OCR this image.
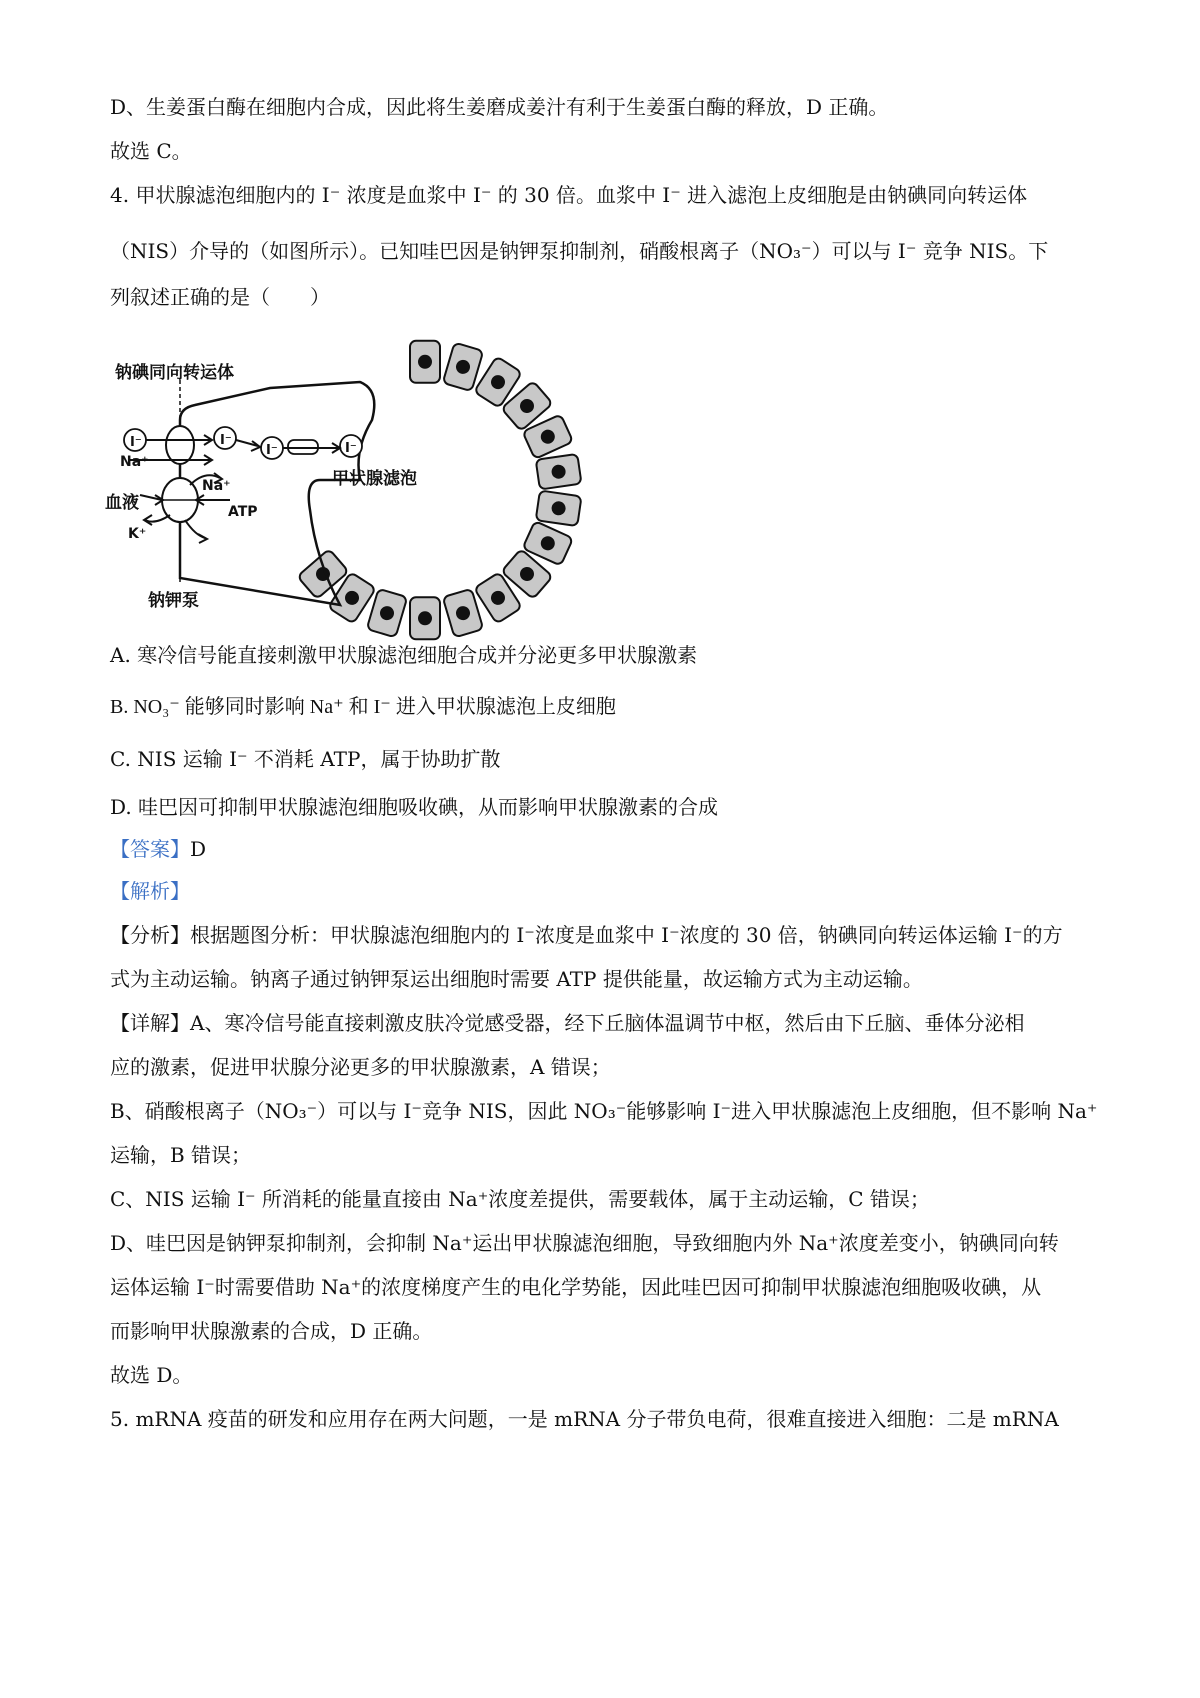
D、生姜蛋白酶在细胞内合成，因此将生姜磨成姜汁有利于生姜蛋白酶的释放，D 正确。
故选 C。
4. 甲状腺滤泡细胞内的 I⁻ 浓度是血浆中 I⁻ 的 30 倍。血浆中 I⁻ 进入滤泡上皮细胞是由钠碘同向转运体
（NIS）介导的（如图所示）。已知哇巴因是钠钾泵抑制剂，硝酸根离子（NO₃⁻）可以与 I⁻ 竞争 NIS。下
列叙述正确的是（　　）
钠碘同向转运体
I⁻	I⁻
I⁻	I⁻
Na⁺
血液
Na⁺
ATP
K⁺
钠钾泵
甲状腺滤泡
A. 寒冷信号能直接刺激甲状腺滤泡细胞合成并分泌更多甲状腺激素
B. NO₃⁻ 能够同时影响 Na⁺ 和 I⁻ 进入甲状腺滤泡上皮细胞
C. NIS 运输 I⁻ 不消耗 ATP，属于协助扩散
D. 哇巴因可抑制甲状腺滤泡细胞吸收碘，从而影响甲状腺激素的合成
【答案】D
【解析】
【分析】根据题图分析：甲状腺滤泡细胞内的 I⁻浓度是血浆中 I⁻浓度的 30 倍，钠碘同向转运体运输 I⁻的方
式为主动运输。钠离子通过钠钾泵运出细胞时需要 ATP 提供能量，故运输方式为主动运输。
【详解】A、寒冷信号能直接刺激皮肤冷觉感受器，经下丘脑体温调节中枢，然后由下丘脑、垂体分泌相
应的激素，促进甲状腺分泌更多的甲状腺激素，A 错误；
B、硝酸根离子（NO₃⁻）可以与 I⁻竞争 NIS，因此 NO₃⁻能够影响 I⁻进入甲状腺滤泡上皮细胞，但不影响 Na⁺
运输，B 错误；
C、NIS 运输 I⁻ 所消耗的能量直接由 Na⁺浓度差提供，需要载体，属于主动运输，C 错误；
D、哇巴因是钠钾泵抑制剂，会抑制 Na⁺运出甲状腺滤泡细胞，导致细胞内外 Na⁺浓度差变小，钠碘同向转
运体运输 I⁻时需要借助 Na⁺的浓度梯度产生的电化学势能，因此哇巴因可抑制甲状腺滤泡细胞吸收碘，从
而影响甲状腺激素的合成，D 正确。
故选 D。
5. mRNA 疫苗的研发和应用存在两大问题，一是 mRNA 分子带负电荷，很难直接进入细胞：二是 mRNA
